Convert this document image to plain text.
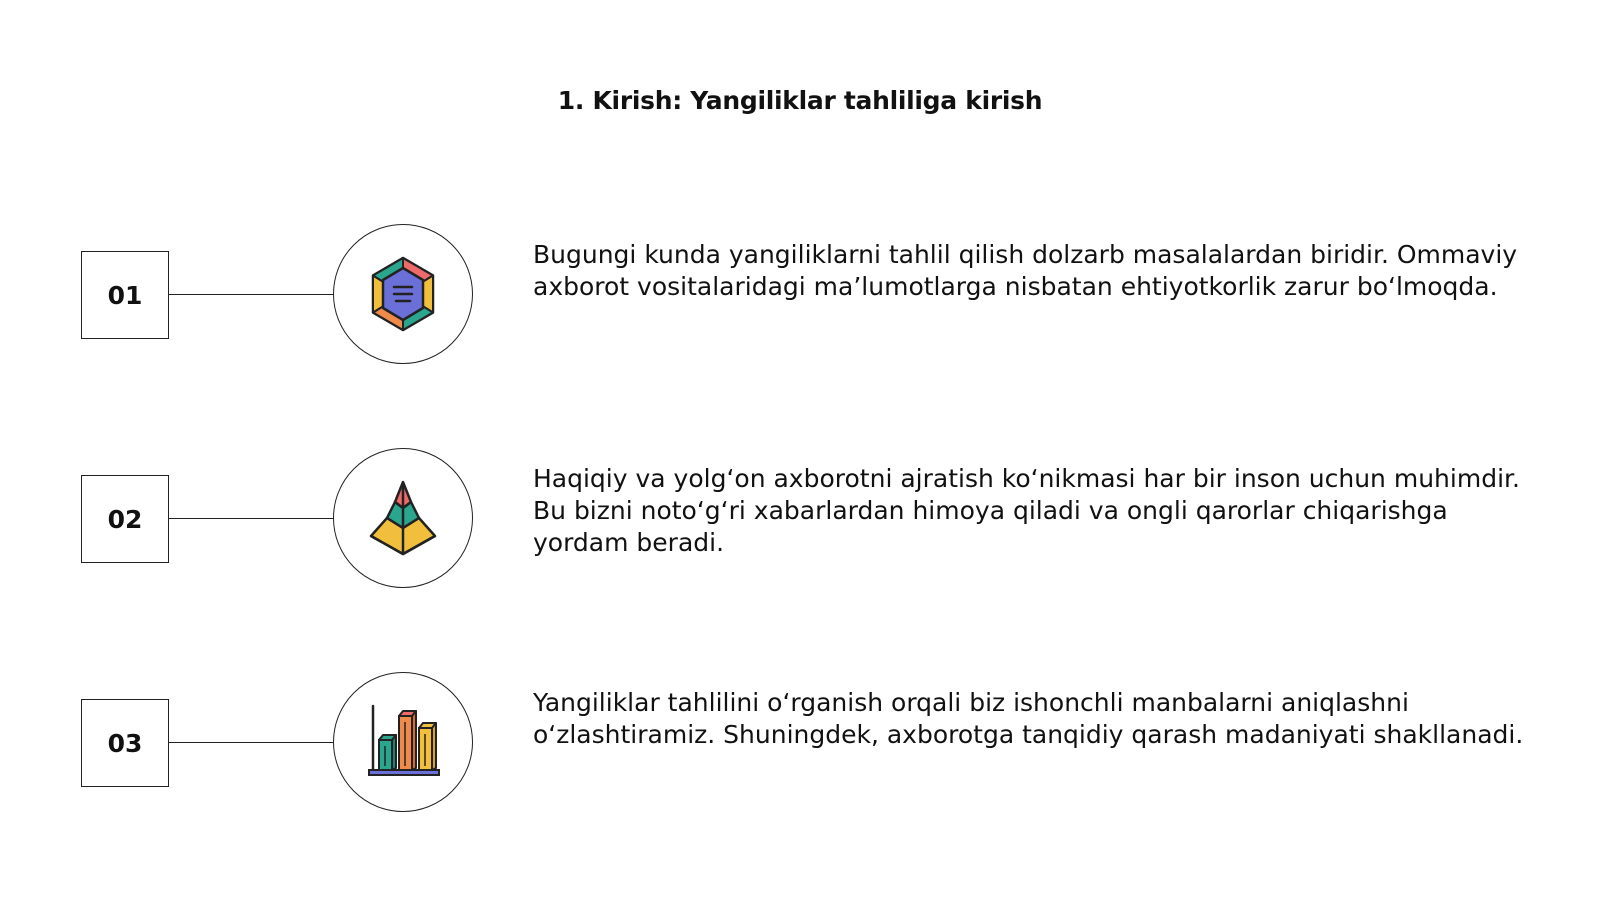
1. Kirish: Yangiliklar tahliliga kirish
01

Bugungi kunda yangiliklarni tahlil qilish dolzarb masalalardan biridir. Ommaviy axborot vositalaridagi ma’lumotlarga nisbatan ehtiyotkorlik zarur bo‘lmoqda.

02

Haqiqiy va yolg‘on axborotni ajratish ko‘nikmasi har bir inson uchun muhimdir. Bu bizni noto‘g‘ri xabarlardan himoya qiladi va ongli qarorlar chiqarishga yordam beradi.

03

Yangiliklar tahlilini o‘rganish orqali biz ishonchli manbalarni aniqlashni o‘zlashtiramiz. Shuningdek, axborotga tanqidiy qarash madaniyati shakllanadi.
